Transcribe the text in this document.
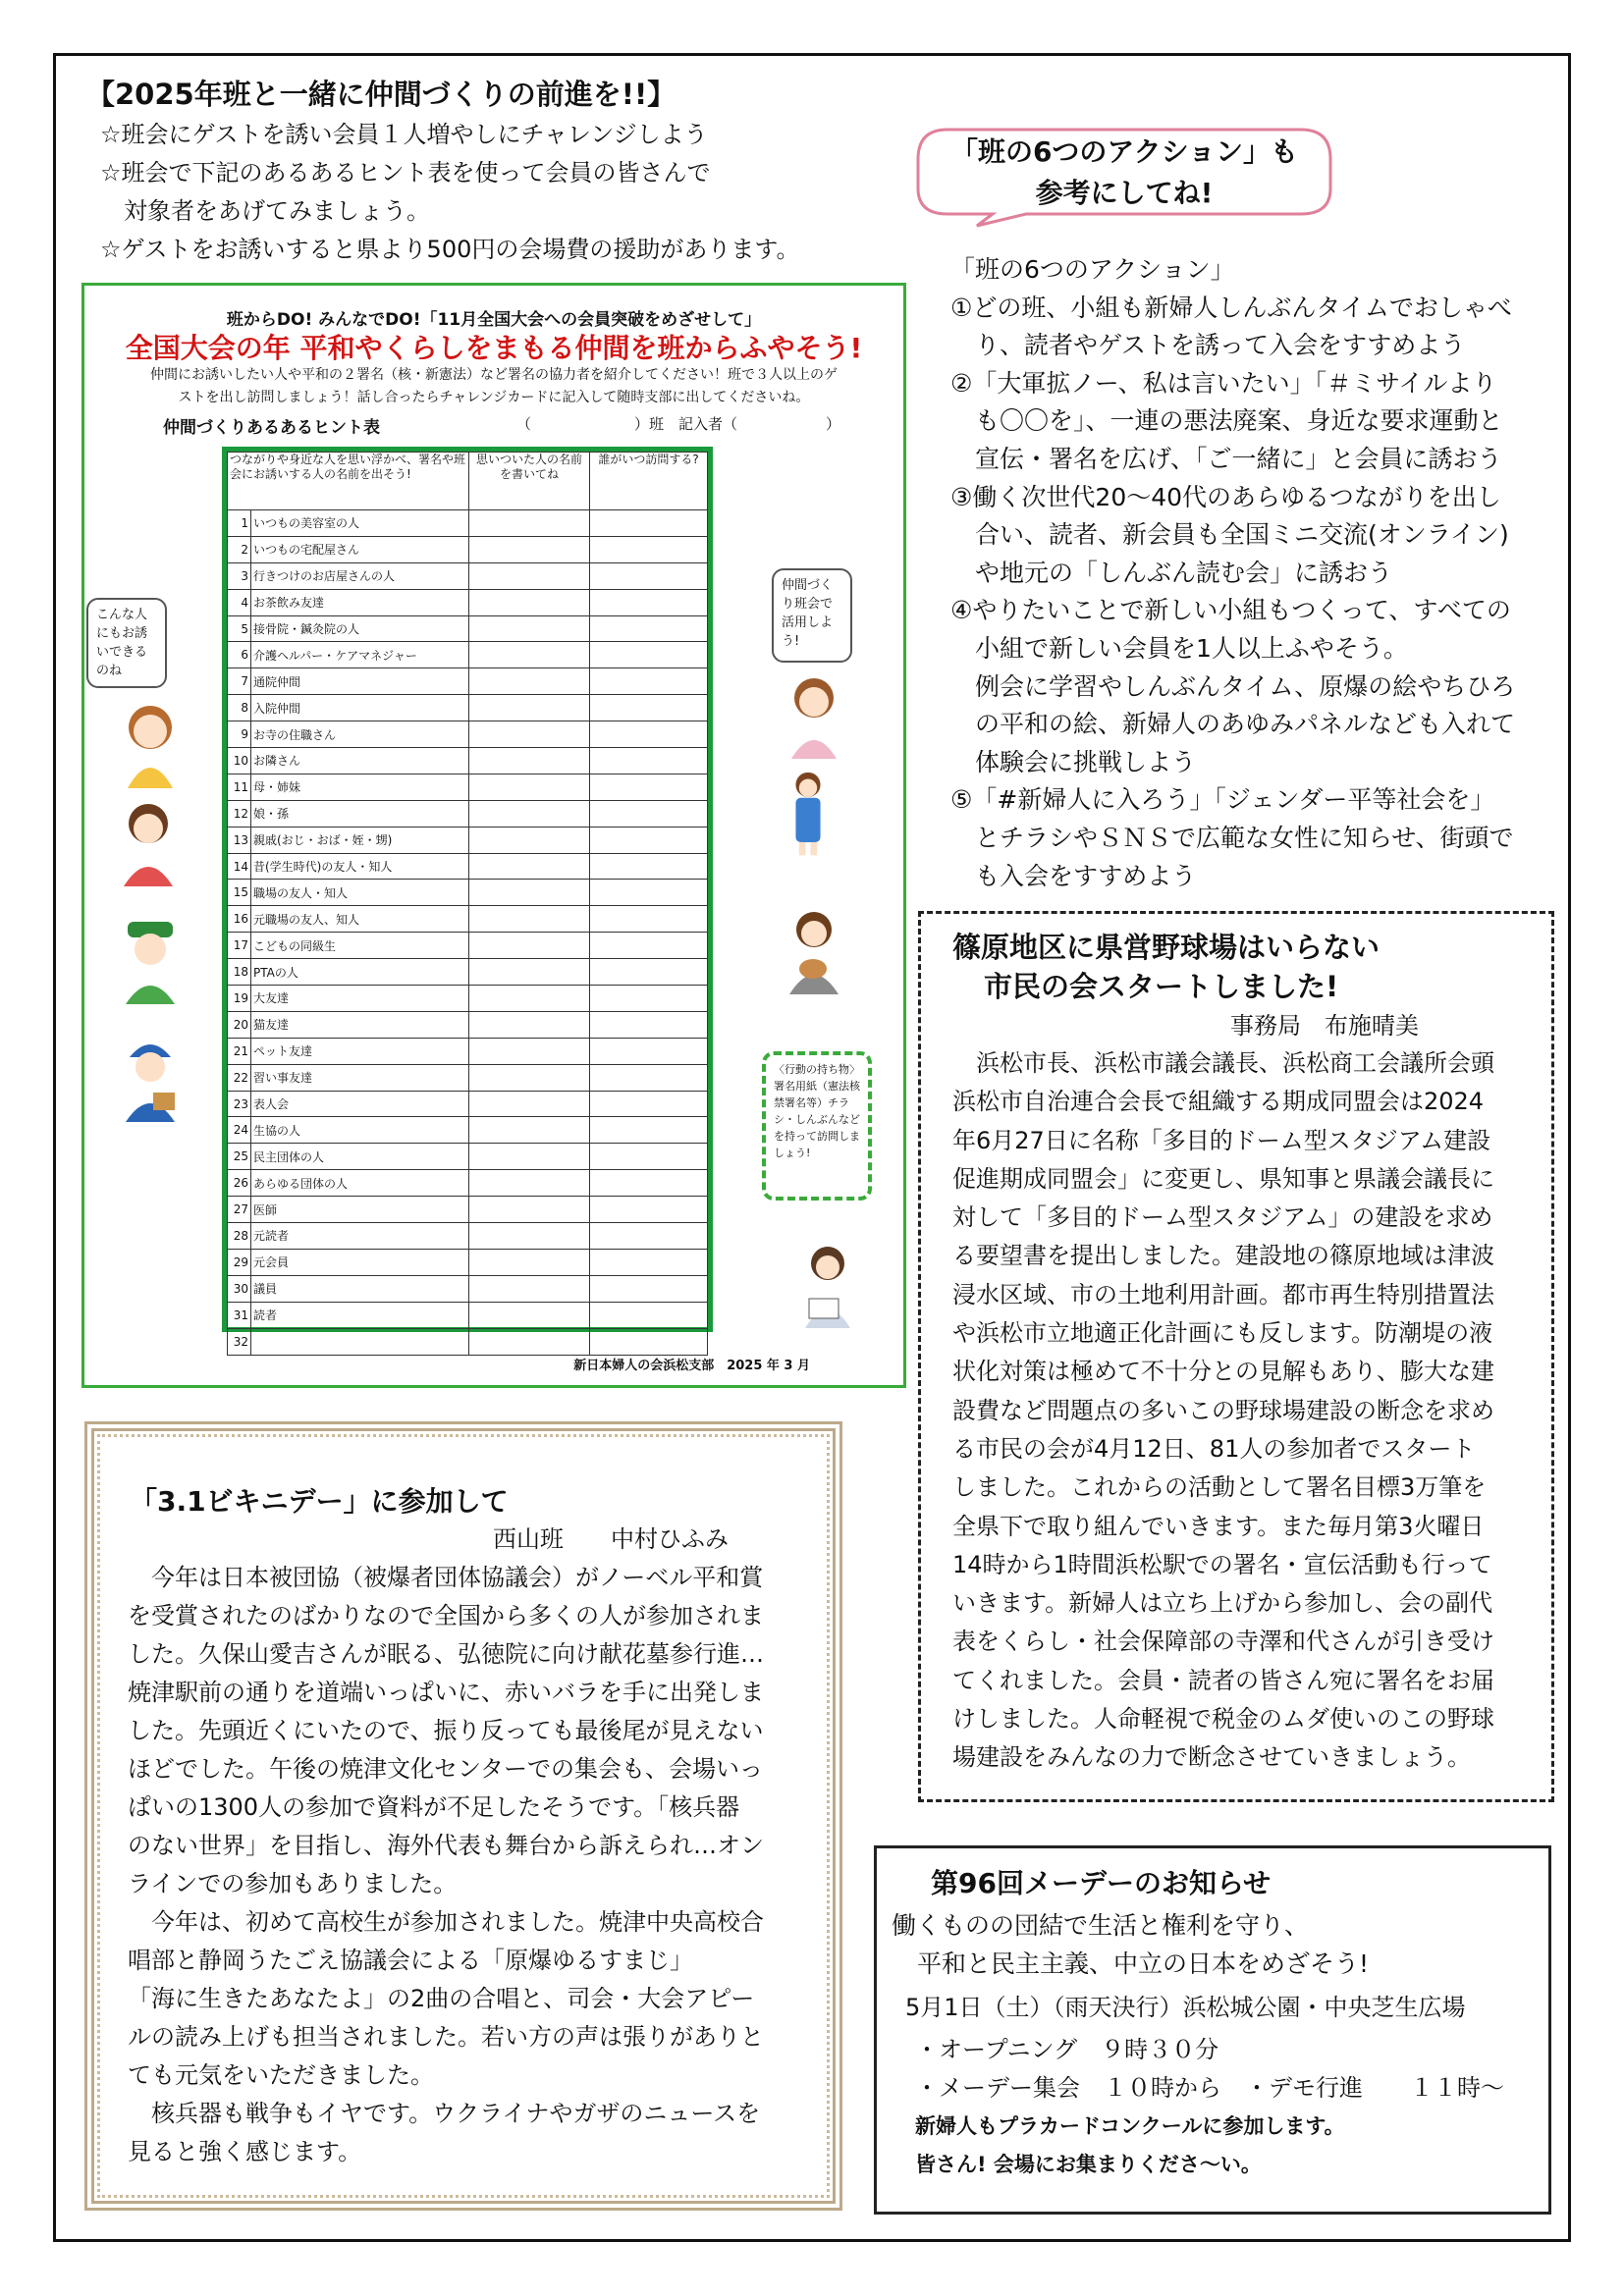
【2025年班と一緒に仲間づくりの前進を!!】

☆班会にゲストを誘い会員１人増やしにチャレンジしよう

☆班会で下記のあるあるヒント表を使って会員の皆さんで

　対象者をあげてみましょう。

☆ゲストをお誘いすると県より500円の会場費の援助があります。

班からDO! みんなでDO!「11月全国大会への会員突破をめざせして」
全国大会の年 平和やくらしをまもる仲間を班からふやそう!
仲間にお誘いしたい人や平和の２署名（核・新憲法）など署名の協力者を紹介してください！班で３人以上のゲ
ストを出し訪問しましょう！話し合ったらチャレンジカードに記入して随時支部に出してくださいね。
仲間づくりあるあるヒント表	（　　　　　　　）班　記入者（　　　　　　）
つながりや身近な人を思い浮かべ、署名や班会にお誘いする人の名前を出そう!		思いついた人の名前を書いてね	誰がいつ訪問する?
1	いつもの美容室の人		
2	いつもの宅配屋さん		
3	行きつけのお店屋さんの人		
4	お茶飲み友達		
5	接骨院・鍼灸院の人		
6	介護ヘルパー・ケアマネジャー		
7	通院仲間		
8	入院仲間		
9	お寺の住職さん		
10	お隣さん		
11	母・姉妹		
12	娘・孫		
13	親戚(おじ・おば・姪・甥)		
14	昔(学生時代)の友人・知人		
15	職場の友人・知人		
16	元職場の友人、知人		
17	こどもの同級生		
18	PTAの人		
19	大友達		
20	猫友達		
21	ペット友達		
22	習い事友達		
23	表人会		
24	生協の人		
25	民主団体の人		
26	あらゆる団体の人		
27	医師		
28	元読者		
29	元会員		
30	議員		
31	読者		
32			
こんな人にもお誘いできるのね
仲間づくり班会で活用しよう!
〈行動の持ち物〉署名用紙（憲法核禁署名等）チラシ・しんぶんなどを持って訪問しましょう!
新日本婦人の会浜松支部　2025 年 3 月
「班の6つのアクション」も
参考にしてね!

「班の6つのアクション」

①どの班、小組も新婦人しんぶんタイムでおしゃべ

　り、読者やゲストを誘って入会をすすめよう

②「大軍拡ノー、私は言いたい」「＃ミサイルより

　も〇〇を」、一連の悪法廃案、身近な要求運動と

　宣伝・署名を広げ、「ご一緒に」と会員に誘おう

③働く次世代20～40代のあらゆるつながりを出し

　合い、読者、新会員も全国ミニ交流(オンライン)

　や地元の「しんぶん読む会」に誘おう

④やりたいことで新しい小組もつくって、すべての

　小組で新しい会員を1人以上ふやそう。

　例会に学習やしんぶんタイム、原爆の絵やちひろ

　の平和の絵、新婦人のあゆみパネルなども入れて

　体験会に挑戦しよう

⑤「#新婦人に入ろう」「ジェンダー平等社会を」

　とチラシやＳＮＳで広範な女性に知らせ、街頭で

　も入会をすすめよう

篠原地区に県営野球場はいらない
市民の会スタートしました!
事務局　布施晴美

　浜松市長、浜松市議会議長、浜松商工会議所会頭

浜松市自治連合会長で組織する期成同盟会は2024

年6月27日に名称「多目的ドーム型スタジアム建設

促進期成同盟会」に変更し、県知事と県議会議長に

対して「多目的ドーム型スタジアム」の建設を求め

る要望書を提出しました。建設地の篠原地域は津波

浸水区域、市の土地利用計画。都市再生特別措置法

や浜松市立地適正化計画にも反します。防潮堤の液

状化対策は極めて不十分との見解もあり、膨大な建

設費など問題点の多いこの野球場建設の断念を求め

る市民の会が4月12日、81人の参加者でスタート

しました。これからの活動として署名目標3万筆を

全県下で取り組んでいきます。また毎月第3火曜日

14時から1時間浜松駅での署名・宣伝活動も行って

いきます。新婦人は立ち上げから参加し、会の副代

表をくらし・社会保障部の寺澤和代さんが引き受け

てくれました。会員・読者の皆さん宛に署名をお届

けしました。人命軽視で税金のムダ使いのこの野球

場建設をみんなの力で断念させていきましょう。

「3.1ビキニデー」に参加して
西山班　　中村ひふみ

　今年は日本被団協（被爆者団体協議会）がノーベル平和賞

を受賞されたのばかりなので全国から多くの人が参加されま

した。久保山愛吉さんが眠る、弘徳院に向け献花墓参行進…

焼津駅前の通りを道端いっぱいに、赤いバラを手に出発しま

した。先頭近くにいたので、振り反っても最後尾が見えない

ほどでした。午後の焼津文化センターでの集会も、会場いっ

ぱいの1300人の参加で資料が不足したそうです。「核兵器

のない世界」を目指し、海外代表も舞台から訴えられ…オン

ラインでの参加もありました。

　今年は、初めて高校生が参加されました。焼津中央高校合

唱部と静岡うたごえ協議会による「原爆ゆるすまじ」

「海に生きたあなたよ」の2曲の合唱と、司会・大会アピー

ルの読み上げも担当されました。若い方の声は張りがありと

ても元気をいただきました。

　核兵器も戦争もイヤです。ウクライナやガザのニュースを

見ると強く感じます。

第96回メーデーのお知らせ

働くものの団結で生活と権利を守り、

平和と民主主義、中立の日本をめざそう!

5月1日（土）（雨天決行）浜松城公園・中央芝生広場

・オープニング　９時３０分

・メーデー集会　１０時から　・デモ行進　　１１時～

新婦人もプラカードコンクールに参加します。

皆さん! 会場にお集まりくださ～い。
